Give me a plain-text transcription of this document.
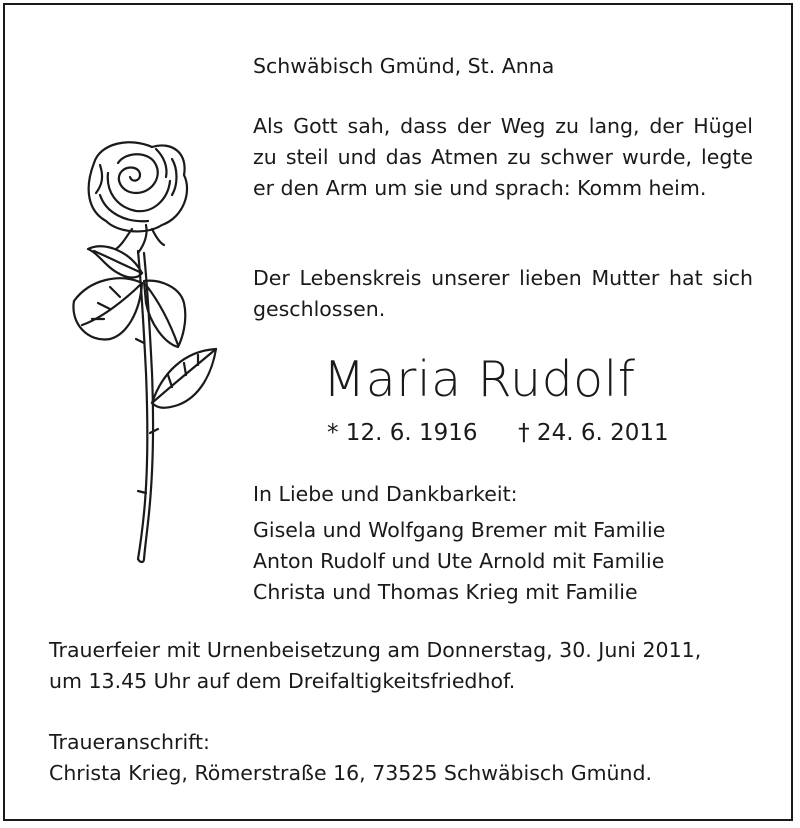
Schwäbisch Gmünd, St. Anna

Als Gott sah, dass der Weg zu lang, der Hügel zu steil und das Atmen zu schwer wurde, legte er den Arm um sie und sprach: Komm heim.

Der Lebenskreis unserer lieben Mutter hat sich geschlossen.

Maria Rudolf
* 12. 6. 1916 † 24. 6. 2011

In Liebe und Dankbarkeit:

Gisela und Wolfgang Bremer mit Familie
Anton Rudolf und Ute Arnold mit Familie
Christa und Thomas Krieg mit Familie
Trauerfeier mit Urnenbeisetzung am Donnerstag, 30. Juni 2011,
um 13.45 Uhr auf dem Dreifaltigkeitsfriedhof.
Traueranschrift:
Christa Krieg, Römerstraße 16, 73525 Schwäbisch Gmünd.
